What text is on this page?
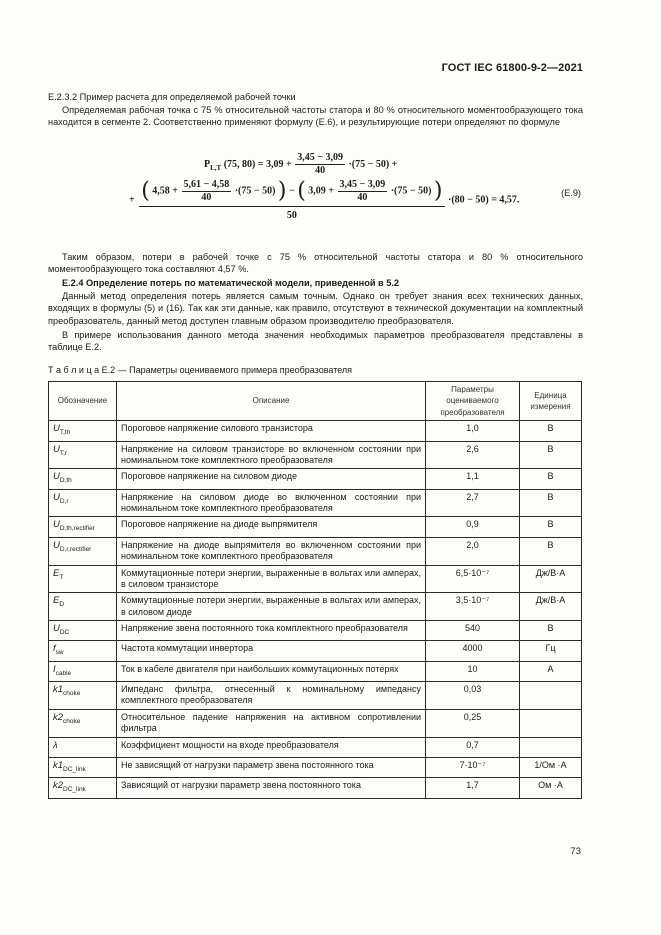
ГОСТ IEC 61800-9-2—2021
E.2.3.2 Пример расчета для определяемой рабочей точки
Определяемая рабочая точка с 75 % относительной частоты статора и 80 % относительного моментообразующего тока находится в сегменте 2. Соответственно применяют формулу (E.6), и результирующие потери определяют по формуле
$P_{L,T}$ (75, $80) = 3,09 + \frac{3,45 - 3,09}{40} \cdot(75 - 50)$ +
+ ( $4,58 + \frac{5,61 - 4,58}{40} \cdot(75 - 50)$ ) − ( $3,09 + \frac{3,45 - 3,09}{40} \cdot(75 - 50)$ )
50
·(80 − 50) = 4,57.
(E.9)
Таким образом, потери в рабочей точке с 75 % относительной частоты статора и 80 % относительного моментообразующего тока составляют 4,57 %.
E.2.4 Определение потерь по математической модели, приведенной в 5.2
Данный метод определения потерь является самым точным. Однако он требует знания всех технических данных, входящих в формулы (5) и (16). Так как эти данные, как правило, отсутствуют в технической документации на комплектный преобразователь, данный метод доступен главным образом производителю преобразователя.
В примере использования данного метода значения необходимых параметров преобразователя представлены в таблице E.2.
Т а б л и ц а E.2 — Параметры оцениваемого примера преобразователя
Обозначение	Описание	Параметры оцениваемого преобразователя	Единица измерения
$U_{T,th}$	Пороговое напряжение силового транзистора	1,0	В
$U_{T,r}$	Напряжение на силовом транзисторе во включенном состоянии при номинальном токе комплектного преобразователя	2,6	В
$U_{D,th}$	Пороговое напряжение на силовом диоде	1,1	В
$U_{D,r}$	Напряжение на силовом диоде во включенном состоянии при номинальном токе комплектного преобразователя	2,7	В
$U_{D,th,rectifier}$	Пороговое напряжение на диоде выпрямителя	0,9	В
$U_{D,r,rectifier}$	Напряжение на диоде выпрямителя во включенном состоянии при номинальном токе комплектного преобразователя	2,0	В
$E_T$	Коммутационные потери энергии, выраженные в вольтах или амперах, в силовом транзисторе	6,5·10⁻⁷	Дж/В·А
$E_D$	Коммутационные потери энергии, выраженные в вольтах или амперах, в силовом диоде	3,5·10⁻⁷	Дж/В·А
$U_{DC}$	Напряжение звена постоянного тока комплектного преобразователя	540	В
$f_{sw}$	Частота коммутации инвертора	4000	Гц
$I_{cable}$	Ток в кабеле двигателя при наибольших коммутационных потерях	10	А
$k1_{choke}$	Импеданс фильтра, отнесенный к номинальному импедансу комплектного преобразователя	0,03	
$k2_{choke}$	Относительное падение напряжения на активном сопротивлении фильтра	0,25	
λ	Коэффициент мощности на входе преобразователя	0,7	
$k1_{DC\_link}$	Не зависящий от нагрузки параметр звена постоянного тока	7·10⁻⁷	1/Ом ·А
$k2_{DC\_link}$	Зависящий от нагрузки параметр звена постоянного тока	1,7	Ом ·А
73
